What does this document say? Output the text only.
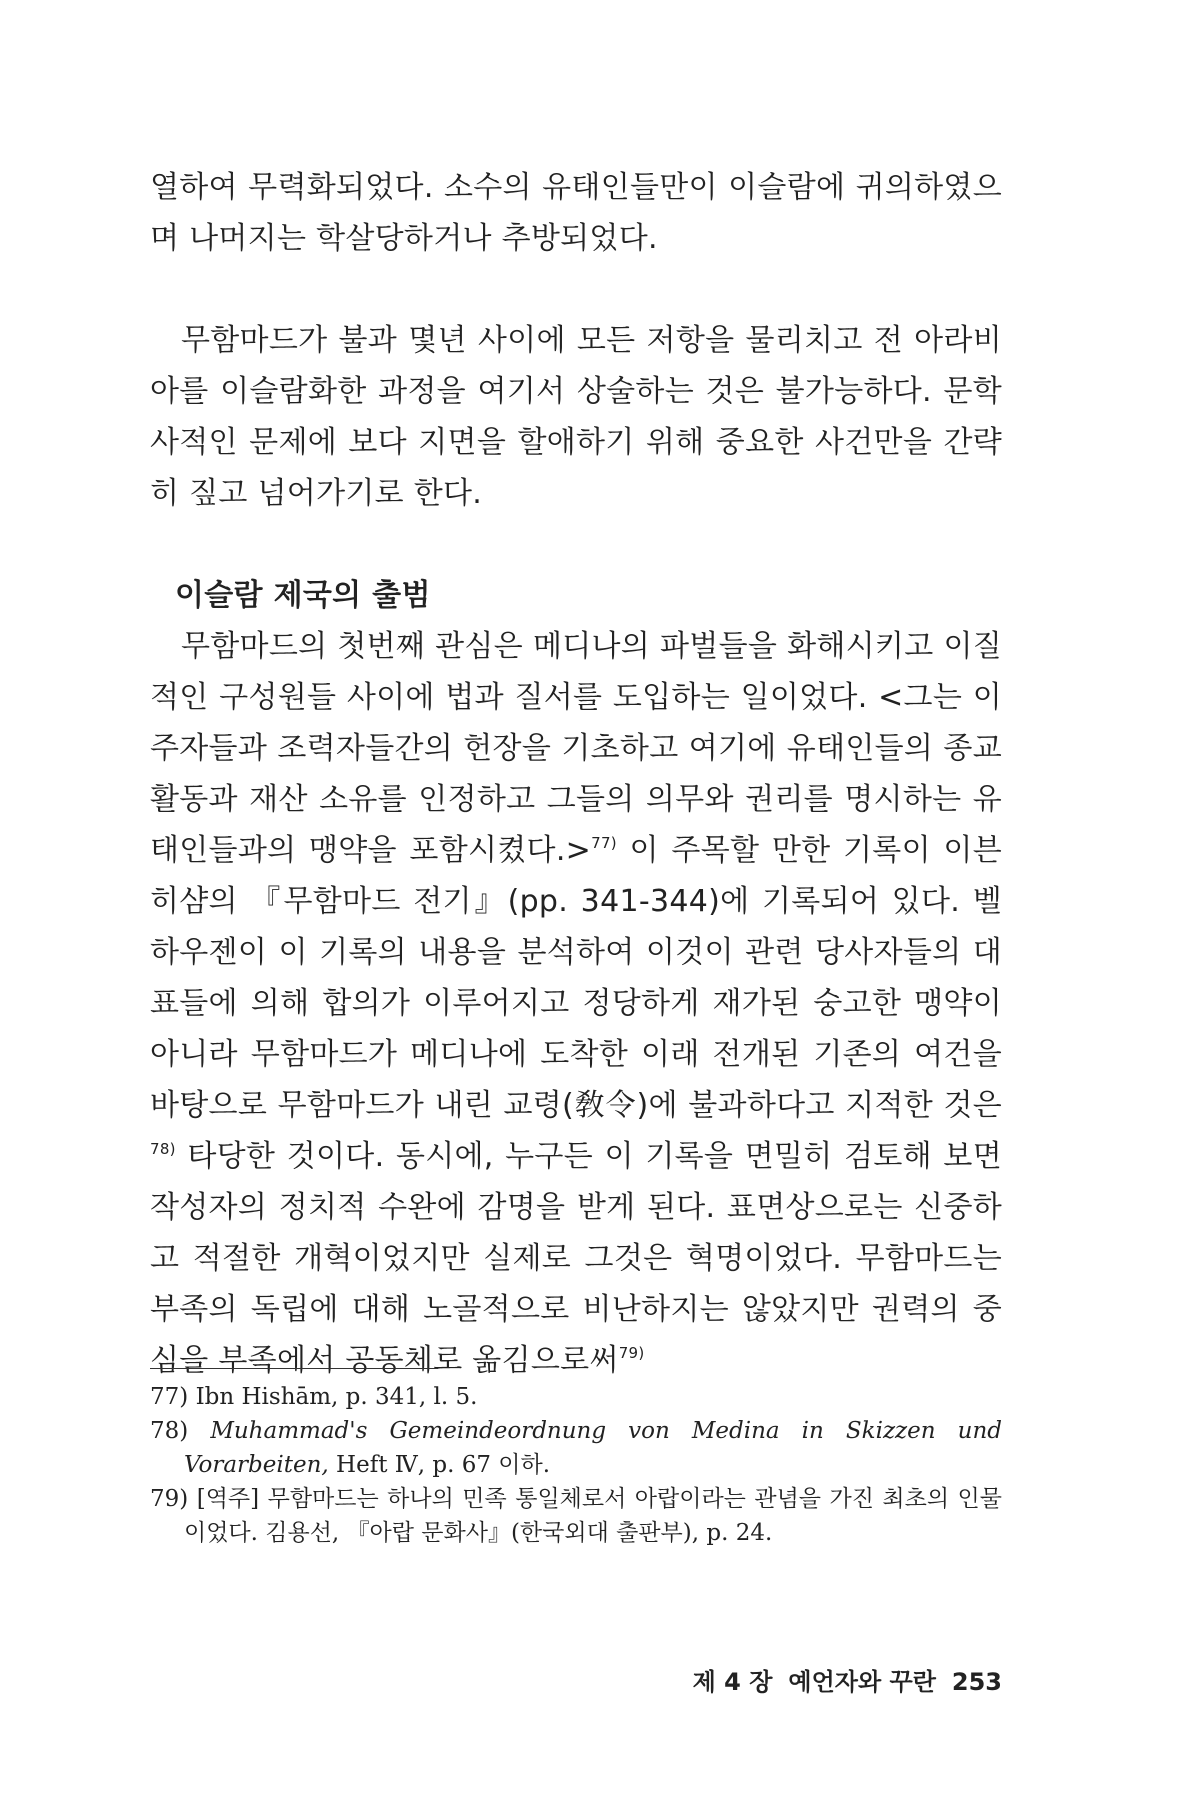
열하여 무력화되었다. 소수의 유태인들만이 이슬람에 귀의하였으며 나머지는 학살당하거나 추방되었다.

무함마드가 불과 몇년 사이에 모든 저항을 물리치고 전 아라비아를 이슬람화한 과정을 여기서 상술하는 것은 불가능하다. 문학사적인 문제에 보다 지면을 할애하기 위해 중요한 사건만을 간략히 짚고 넘어가기로 한다.

이슬람 제국의 출범

무함마드의 첫번째 관심은 메디나의 파벌들을 화해시키고 이질적인 구성원들 사이에 법과 질서를 도입하는 일이었다. <그는 이주자들과 조력자들간의 헌장을 기초하고 여기에 유태인들의 종교 활동과 재산 소유를 인정하고 그들의 의무와 권리를 명시하는 유태인들과의 맹약을 포함시켰다.>$^{77)}$ 이 주목할 만한 기록이 이븐 히샴의 『무함마드 전기』(pp. 341-344)에 기록되어 있다. 벨하우젠이 이 기록의 내용을 분석하여 이것이 관련 당사자들의 대표들에 의해 합의가 이루어지고 정당하게 재가된 숭고한 맹약이 아니라 무함마드가 메디나에 도착한 이래 전개된 기존의 여건을 바탕으로 무함마드가 내린 교령(敎令)에 불과하다고 지적한 것은$^{78)}$ 타당한 것이다. 동시에, 누구든 이 기록을 면밀히 검토해 보면 작성자의 정치적 수완에 감명을 받게 된다. 표면상으로는 신중하고 적절한 개혁이었지만 실제로 그것은 혁명이었다. 무함마드는 부족의 독립에 대해 노골적으로 비난하지는 않았지만 권력의 중심을 부족에서 공동체로 옮김으로써$^{79)}$

77) Ibn Hishām, p. 341, l. 5.

78) Muhammad's Gemeindeordnung von Medina in Skizzen und Vorarbeiten, Heft Ⅳ, p. 67 이하.

79) [역주] 무함마드는 하나의 민족 통일체로서 아랍이라는 관념을 가진 최초의 인물이었다. 김용선, 『아랍 문화사』(한국외대 출판부), p. 24.

제 4 장 예언자와 꾸란 253
